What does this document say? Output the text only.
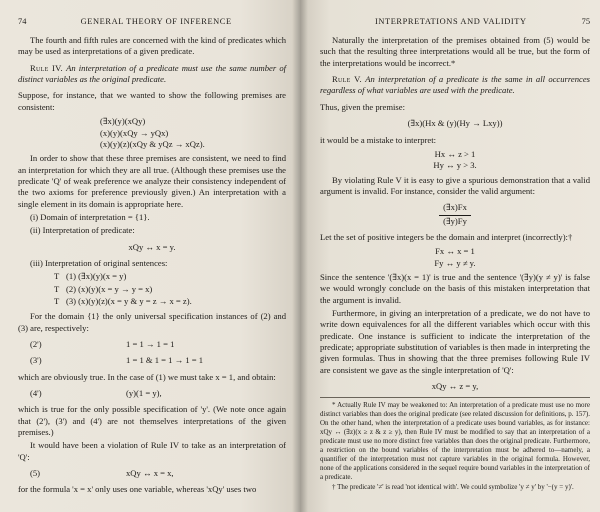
74	GENERAL THEORY OF INFERENCE

The fourth and fifth rules are concerned with the kind of predicates which may be used as interpretations of a given predicate.

Rule IV. An interpretation of a predicate must use the same number of distinct variables as the original predicate.

Suppose, for instance, that we wanted to show the following premises are consistent:

(∃x)(y)(xQy)
(x)(y)(xQy → yQx)
(x)(y)(z)(xQy & yQz → xQz).

In order to show that these three premises are consistent, we need to find an interpretation for which they are all true. (Although these premises use the predicate 'Q' of weak preference we analyze their consistency independent of the two axioms for preference previously given.) An interpretation with a single element in its domain is appropriate here.

(i) Domain of interpretation = {1}.
(ii) Interpretation of predicate:
xQy ↔ x = y.
(iii) Interpretation of original sentences:
T (1) (∃x)(y)(x = y)
T (2) (x)(y)(x = y → y = x)
T (3) (x)(y)(z)(x = y & y = z → x = z).

For the domain {1} the only universal specification instances of (2) and (3) are, respectively:

(2')	1 = 1 → 1 = 1
(3')	1 = 1 & 1 = 1 → 1 = 1

which are obviously true. In the case of (1) we must take x = 1, and obtain:

(4')	(y)(1 = y),

which is true for the only possible specification of 'y'. (We note once again that (2'), (3') and (4') are not themselves interpretations of the given premises.)

It would have been a violation of Rule IV to take as an interpretation of 'Q':

(5)	xQy ↔ x = x,

for the formula 'x = x' only uses one variable, whereas 'xQy' uses two

INTERPRETATIONS AND VALIDITY	75

Naturally the interpretation of the premises obtained from (5) would be such that the resulting three interpretations would all be true, but the form of the interpretations would be incorrect.*

Rule V. An interpretation of a predicate is the same in all occurrences regardless of what variables are used with the predicate.

Thus, given the premise:

(∃x)(Hx & (y)(Hy → Lxy))

it would be a mistake to interpret:

Hx ↔ z > 1
Hy ↔ y > 3.

By violating Rule V it is easy to give a spurious demonstration that a valid argument is invalid. For instance, consider the valid argument:

$\frac{(\exists x)Fx}{(\exists y)Fy}$

Let the set of positive integers be the domain and interpret (incorrectly):†

Fx ↔ x = 1
Fy ↔ y ≠ y.

Since the sentence '(∃x)(x = 1)' is true and the sentence '(∃y)(y ≠ y)' is false we would wrongly conclude on the basis of this mistaken interpretation that the argument is invalid.

Furthermore, in giving an interpretation of a predicate, we do not have to write down equivalences for all the different variables which occur with this predicate. One instance is sufficient to indicate the interpretation of the predicate; appropriate substitution of variables is then made in interpreting the given formulas. Thus in showing that the three premises following Rule IV are consistent we gave as the single interpretation of 'Q':

xQy ↔ z = y,

* Actually Rule IV may be weakened to: An interpretation of a predicate must use no more distinct variables than does the original predicate (see related discussion for definitions, p. 157). On the other hand, when the interpretation of a predicate uses bound variables, as for instance: xQy ↔ (∃z)(x ≥ z & z ≥ y), then Rule IV must be modified to say that an interpretation of a predicate must use no more distinct free variables than does the original predicate. Furthermore, a restriction on the bound variables of the interpretation must be adhered to—namely, a quantifier of the interpretation must not capture variables in the original formula. However, none of the applications considered in the sequel require bound variables in the interpretation of a predicate.

† The predicate '≠' is read 'not identical with'. We could symbolize 'y ≠ y' by '−(y = y)'.
